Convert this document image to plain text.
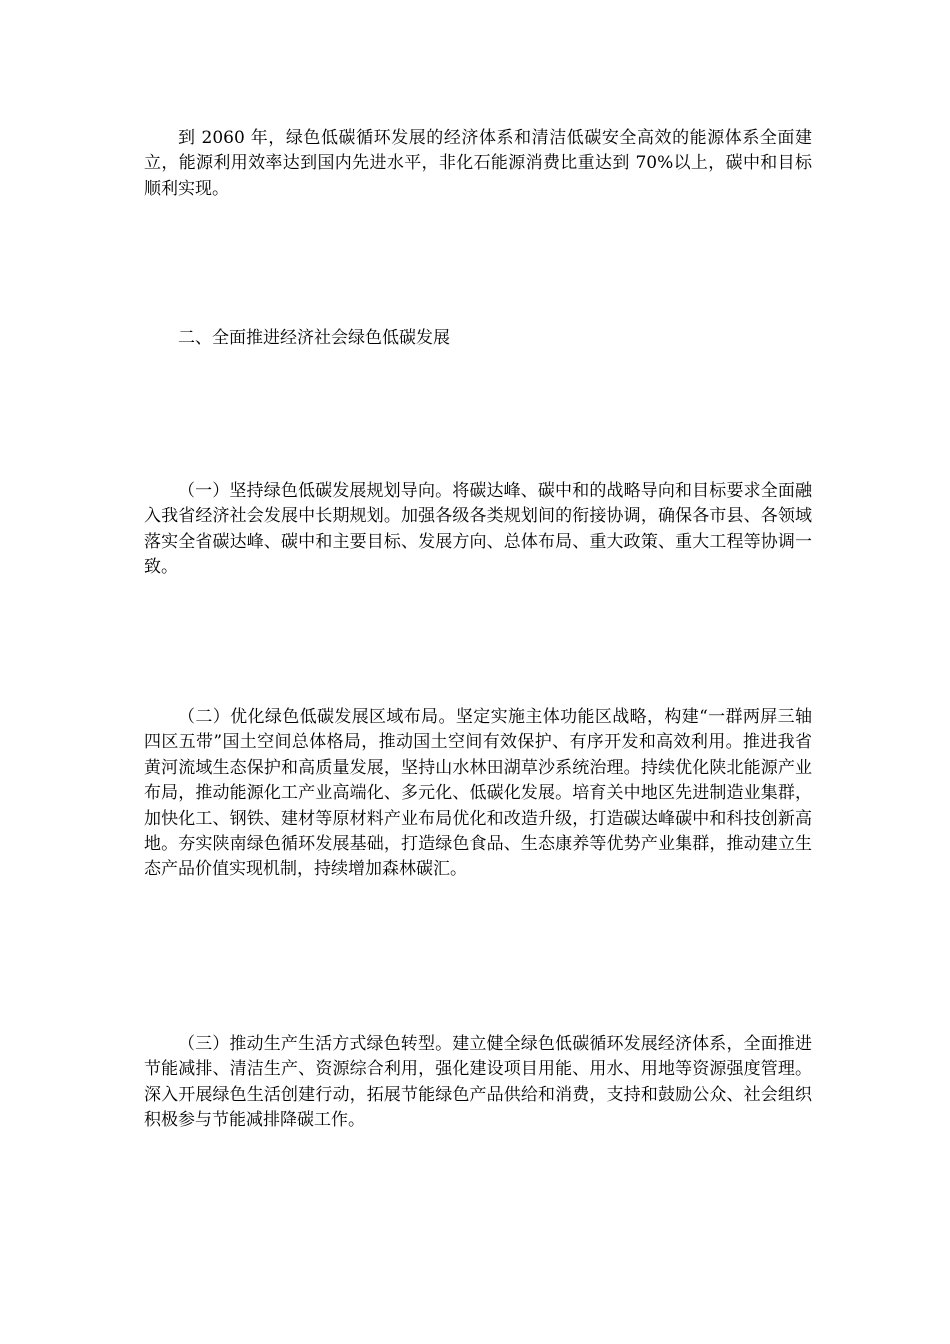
到 2060 年，绿色低碳循环发展的经济体系和清洁低碳安全高效的能源体系全面建立，能源利用效率达到国内先进水平，非化石能源消费比重达到 70%以上，碳中和目标顺利实现。

二、全面推进经济社会绿色低碳发展

（一）坚持绿色低碳发展规划导向。将碳达峰、碳中和的战略导向和目标要求全面融入我省经济社会发展中长期规划。加强各级各类规划间的衔接协调，确保各市县、各领域落实全省碳达峰、碳中和主要目标、发展方向、总体布局、重大政策、重大工程等协调一致。

（二）优化绿色低碳发展区域布局。坚定实施主体功能区战略，构建“一群两屏三轴四区五带”国土空间总体格局，推动国土空间有效保护、有序开发和高效利用。推进我省黄河流域生态保护和高质量发展，坚持山水林田湖草沙系统治理。持续优化陕北能源产业布局，推动能源化工产业高端化、多元化、低碳化发展。培育关中地区先进制造业集群，加快化工、钢铁、建材等原材料产业布局优化和改造升级，打造碳达峰碳中和科技创新高地。夯实陕南绿色循环发展基础，打造绿色食品、生态康养等优势产业集群，推动建立生态产品价值实现机制，持续增加森林碳汇。

（三）推动生产生活方式绿色转型。建立健全绿色低碳循环发展经济体系，全面推进节能减排、清洁生产、资源综合利用，强化建设项目用能、用水、用地等资源强度管理。深入开展绿色生活创建行动，拓展节能绿色产品供给和消费，支持和鼓励公众、社会组织积极参与节能减排降碳工作。
